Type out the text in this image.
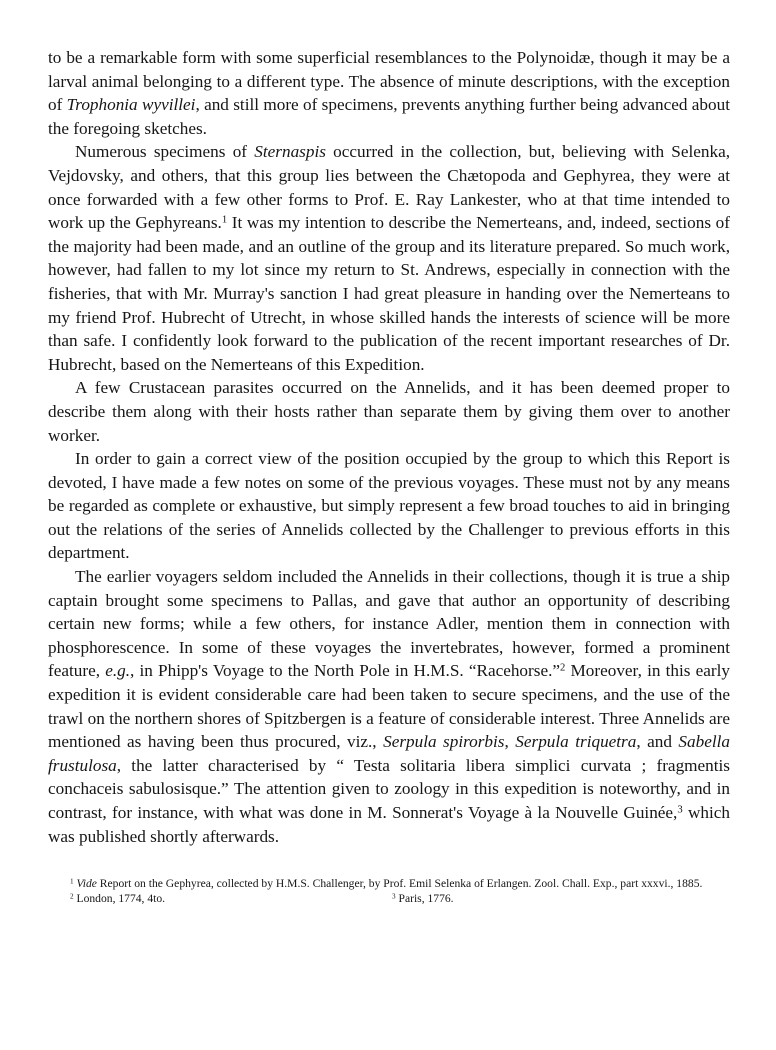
to be a remarkable form with some superficial resemblances to the Polynoidæ, though it may be a larval animal belonging to a different type. The absence of minute descriptions, with the exception of Trophonia wyvillei, and still more of specimens, prevents anything further being advanced about the foregoing sketches.

Numerous specimens of Sternaspis occurred in the collection, but, believing with Selenka, Vejdovsky, and others, that this group lies between the Chætopoda and Gephyrea, they were at once forwarded with a few other forms to Prof. E. Ray Lankester, who at that time intended to work up the Gephyreans.$^1$ It was my intention to describe the Nemerteans, and, indeed, sections of the majority had been made, and an outline of the group and its literature prepared. So much work, however, had fallen to my lot since my return to St. Andrews, especially in connection with the fisheries, that with Mr. Murray's sanction I had great pleasure in handing over the Nemerteans to my friend Prof. Hubrecht of Utrecht, in whose skilled hands the interests of science will be more than safe. I confidently look forward to the publication of the recent important researches of Dr. Hubrecht, based on the Nemerteans of this Expedition.

A few Crustacean parasites occurred on the Annelids, and it has been deemed proper to describe them along with their hosts rather than separate them by giving them over to another worker.

In order to gain a correct view of the position occupied by the group to which this Report is devoted, I have made a few notes on some of the previous voyages. These must not by any means be regarded as complete or exhaustive, but simply represent a few broad touches to aid in bringing out the relations of the series of Annelids collected by the Challenger to previous efforts in this department.

The earlier voyagers seldom included the Annelids in their collections, though it is true a ship captain brought some specimens to Pallas, and gave that author an opportunity of describing certain new forms; while a few others, for instance Adler, mention them in connection with phosphorescence. In some of these voyages the invertebrates, however, formed a prominent feature, e.g., in Phipp's Voyage to the North Pole in H.M.S. “Racehorse.”$^2$ Moreover, in this early expedition it is evident considerable care had been taken to secure specimens, and the use of the trawl on the northern shores of Spitzbergen is a feature of considerable interest. Three Annelids are mentioned as having been thus procured, viz., Serpula spirorbis, Serpula triquetra, and Sabella frustulosa, the latter characterised by “ Testa solitaria libera simplici curvata ; fragmentis conchaceis sabulosisque.” The attention given to zoology in this expedition is noteworthy, and in contrast, for instance, with what was done in M. Sonnerat's Voyage à la Nouvelle Guinée,$^3$ which was published shortly afterwards.

$^1$ Vide Report on the Gephyrea, collected by H.M.S. Challenger, by Prof. Emil Selenka of Erlangen. Zool. Chall. Exp., part xxxvi., 1885.

$^2$ London, 1774, 4to.	$^3$ Paris, 1776.
